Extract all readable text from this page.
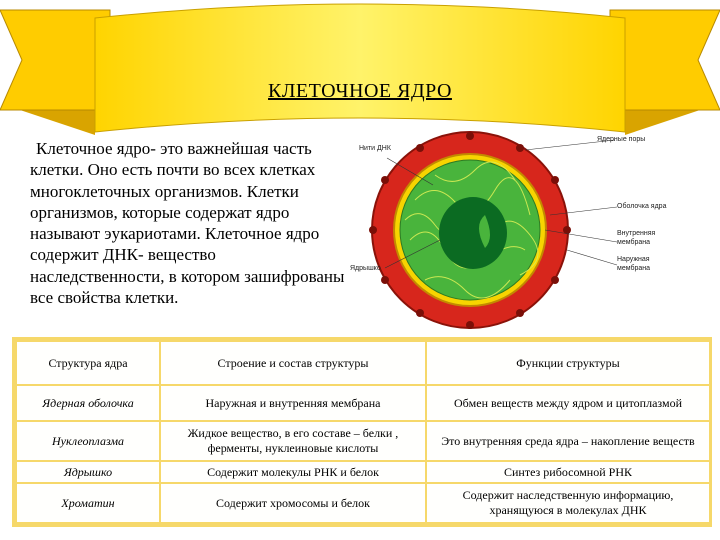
КЛЕТОЧНОЕ ЯДРО
Клеточное ядро- это важнейшая часть клетки. Оно есть почти во всех клетках многоклеточных организмов. Клетки организмов, которые содержат ядро называют эукариотами. Клеточное ядро содержит ДНК- вещество наследственности, в котором зашифрованы все свойства клетки.
Нити ДНК
Ядерные поры
Оболочка ядра
Внутренняя мембрана
Наружная мембрана
Ядрышко
Структура ядра	Строение и состав структуры	Функции структуры
Ядерная оболочка	Наружная и внутренняя мембрана	Обмен веществ между ядром и цитоплазмой
Нуклеоплазма	Жидкое вещество, в его составе – белки , ферменты, нуклеиновые кислоты	Это внутренняя среда ядра – накопление веществ
Ядрышко	Содержит молекулы РНК и белок	Синтез рибосомной РНК
Хроматин	Содержит хромосомы и белок	Содержит наследственную информацию, хранящуюся в молекулах ДНК
